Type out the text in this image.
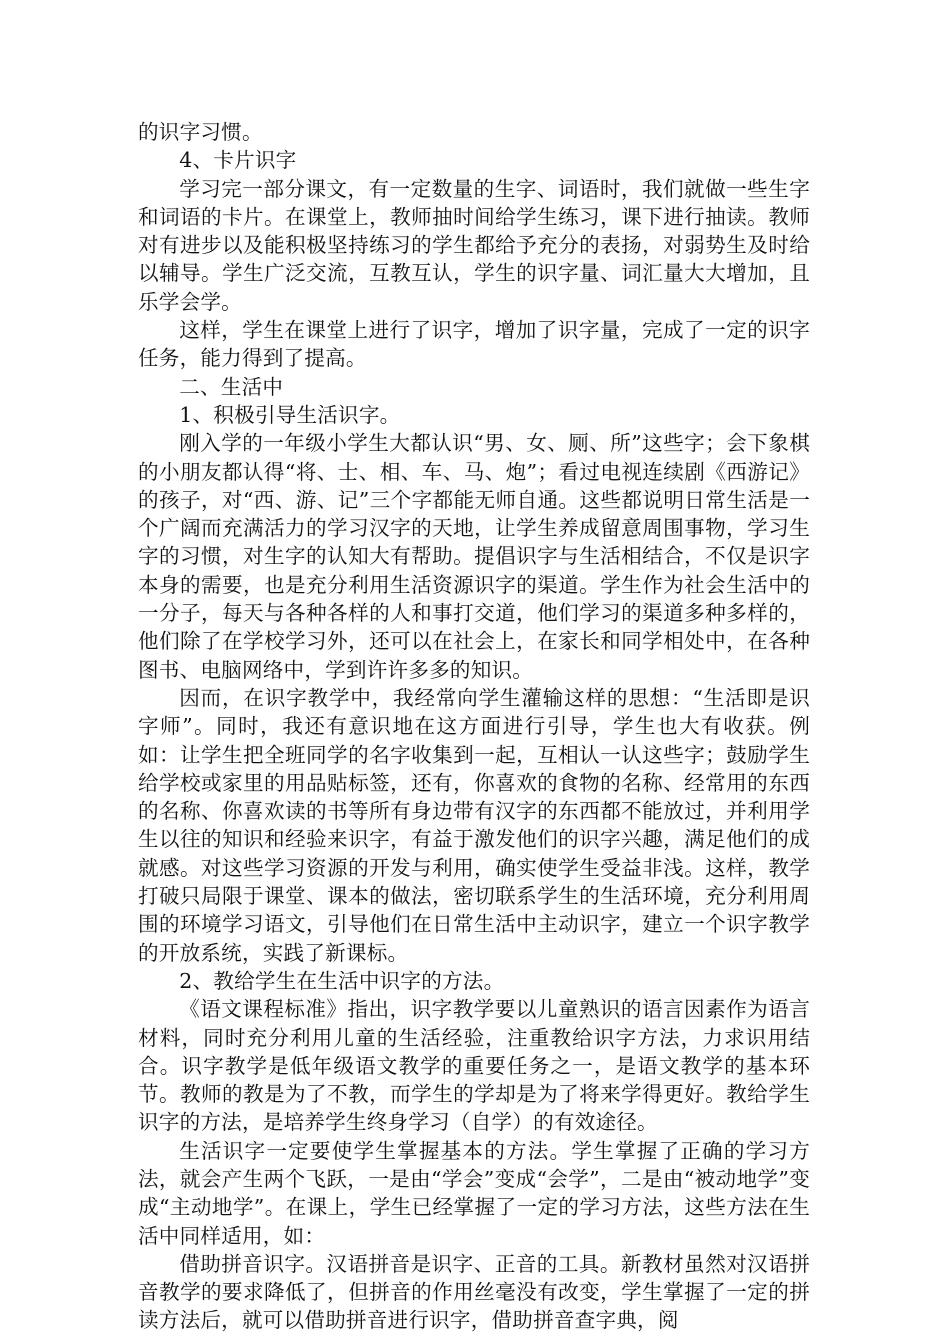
的识字习惯。

4、卡片识字

学习完一部分课文，有一定数量的生字、词语时，我们就做一些生字和词语的卡片。在课堂上，教师抽时间给学生练习，课下进行抽读。教师对有进步以及能积极坚持练习的学生都给予充分的表扬，对弱势生及时给以辅导。学生广泛交流，互教互认，学生的识字量、词汇量大大增加，且乐学会学。

这样，学生在课堂上进行了识字，增加了识字量，完成了一定的识字任务，能力得到了提高。

二、生活中

1、积极引导生活识字。

刚入学的一年级小学生大都认识“男、女、厕、所”这些字；会下象棋的小朋友都认得“将、士、相、车、马、炮”；看过电视连续剧《西游记》的孩子，对“西、游、记”三个字都能无师自通。这些都说明日常生活是一个广阔而充满活力的学习汉字的天地，让学生养成留意周围事物，学习生字的习惯，对生字的认知大有帮助。提倡识字与生活相结合，不仅是识字本身的需要，也是充分利用生活资源识字的渠道。学生作为社会生活中的一分子，每天与各种各样的人和事打交道，他们学习的渠道多种多样的，他们除了在学校学习外，还可以在社会上，在家长和同学相处中，在各种图书、电脑网络中，学到许许多多的知识。

因而，在识字教学中，我经常向学生灌输这样的思想：“生活即是识字师”。同时，我还有意识地在这方面进行引导，学生也大有收获。例如：让学生把全班同学的名字收集到一起，互相认一认这些字；鼓励学生给学校或家里的用品贴标签，还有，你喜欢的食物的名称、经常用的东西的名称、你喜欢读的书等所有身边带有汉字的东西都不能放过，并利用学生以往的知识和经验来识字，有益于激发他们的识字兴趣，满足他们的成就感。对这些学习资源的开发与利用，确实使学生受益非浅。这样，教学打破只局限于课堂、课本的做法，密切联系学生的生活环境，充分利用周围的环境学习语文，引导他们在日常生活中主动识字，建立一个识字教学的开放系统，实践了新课标。

2、教给学生在生活中识字的方法。

《语文课程标准》指出，识字教学要以儿童熟识的语言因素作为语言材料，同时充分利用儿童的生活经验，注重教给识字方法，力求识用结合。识字教学是低年级语文教学的重要任务之一，是语文教学的基本环节。教师的教是为了不教，而学生的学却是为了将来学得更好。教给学生识字的方法，是培养学生终身学习（自学）的有效途径。

生活识字一定要使学生掌握基本的方法。学生掌握了正确的学习方法，就会产生两个飞跃，一是由“学会”变成“会学”，二是由“被动地学”变成“主动地学”。在课上，学生已经掌握了一定的学习方法，这些方法在生活中同样适用，如：

借助拼音识字。汉语拼音是识字、正音的工具。新教材虽然对汉语拼音教学的要求降低了，但拼音的作用丝毫没有改变，学生掌握了一定的拼读方法后，就可以借助拼音进行识字，借助拼音查字典，阅
